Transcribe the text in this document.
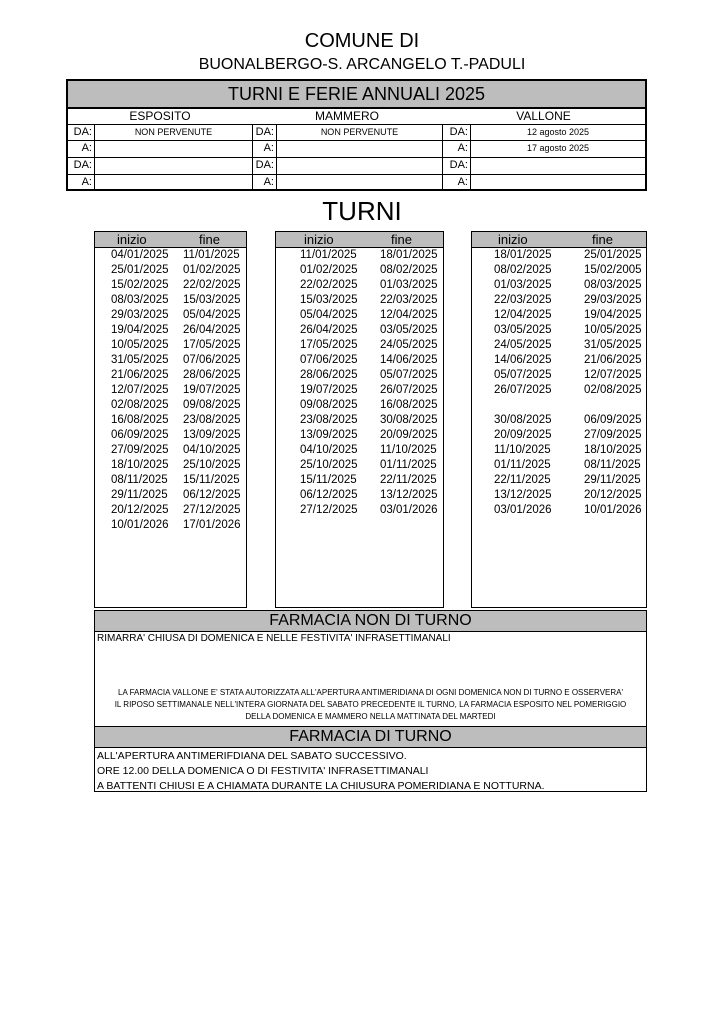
COMUNE DI
BUONALBERGO-S. ARCANGELO T.-PADULI
TURNI E FERIE ANNUALI 2025
ESPOSITO	MAMMERO	VALLONE
DA:	NON PERVENUTE
A:
DA:
A:
DA:	NON PERVENUTE
A:
DA:
A:
DA:	12 agosto 2025
A:	17 agosto 2025
DA:
A:
TURNI
inizio	fine
04/01/2025 11/01/2025
25/01/2025 01/02/2025
15/02/2025 22/02/2025
08/03/2025 15/03/2025
29/03/2025 05/04/2025
19/04/2025 26/04/2025
10/05/2025 17/05/2025
31/05/2025 07/06/2025
21/06/2025 28/06/2025
12/07/2025 19/07/2025
02/08/2025 09/08/2025
16/08/2025 23/08/2025
06/09/2025 13/09/2025
27/09/2025 04/10/2025
18/10/2025 25/10/2025
08/11/2025 15/11/2025
29/11/2025 06/12/2025
20/12/2025 27/12/2025
10/01/2026 17/01/2026
inizio	fine
11/01/2025 18/01/2025
01/02/2025 08/02/2025
22/02/2025 01/03/2025
15/03/2025 22/03/2025
05/04/2025 12/04/2025
26/04/2025 03/05/2025
17/05/2025 24/05/2025
07/06/2025 14/06/2025
28/06/2025 05/07/2025
19/07/2025 26/07/2025
09/08/2025 16/08/2025
23/08/2025 30/08/2025
13/09/2025 20/09/2025
04/10/2025 11/10/2025
25/10/2025 01/11/2025
15/11/2025 22/11/2025
06/12/2025 13/12/2025
27/12/2025 03/01/2026
inizio	fine
18/01/2025	25/01/2025
08/02/2025	15/02/2005
01/03/2025	08/03/2025
22/03/2025	29/03/2025
12/04/2025	19/04/2025
03/05/2025	10/05/2025
24/05/2025	31/05/2025
14/06/2025	21/06/2025
05/07/2025	12/07/2025
26/07/2025	02/08/2025
30/08/2025	06/09/2025
20/09/2025	27/09/2025
11/10/2025	18/10/2025
01/11/2025	08/11/2025
22/11/2025	29/11/2025
13/12/2025	20/12/2025
03/01/2026	10/01/2026
FARMACIA NON DI TURNO
RIMARRA' CHIUSA DI DOMENICA E NELLE FESTIVITA' INFRASETTIMANALI
LA FARMACIA VALLONE E' STATA AUTORIZZATA ALL'APERTURA ANTIMERIDIANA DI OGNI DOMENICA NON DI TURNO E OSSERVERA'
IL RIPOSO SETTIMANALE NELL'INTERA GIORNATA DEL SABATO PRECEDENTE IL TURNO, LA FARMACIA ESPOSITO NEL POMERIGGIO
DELLA DOMENICA E MAMMERO NELLA MATTINATA DEL MARTEDI
FARMACIA DI TURNO
ALL'APERTURA ANTIMERIFDIANA DEL SABATO SUCCESSIVO.
ORE 12.00 DELLA DOMENICA O DI FESTIVITA' INFRASETTIMANALI
A BATTENTI CHIUSI E A CHIAMATA DURANTE LA CHIUSURA POMERIDIANA E NOTTURNA.
